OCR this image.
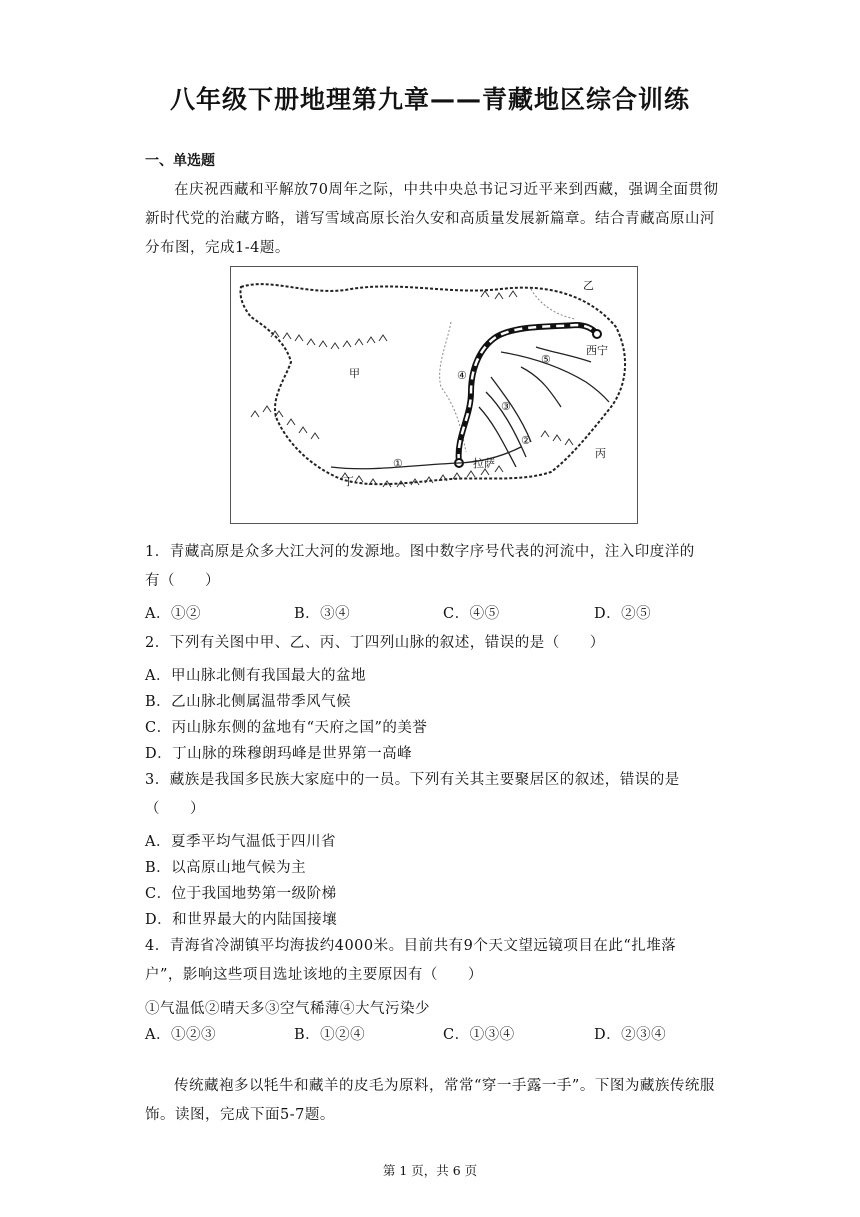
八年级下册地理第九章——青藏地区综合训练
一、单选题
在庆祝西藏和平解放70周年之际，中共中央总书记习近平来到西藏，强调全面贯彻新时代党的治藏方略，谱写雪域高原长治久安和高质量发展新篇章。结合青藏高原山河分布图，完成1-4题。
甲
乙
丙
丁
拉萨
西宁
①
②
③
④
⑤
1．青藏高原是众多大江大河的发源地。图中数字序号代表的河流中，注入印度洋的
有（　　）
A．①②	B．③④	C．④⑤	D．②⑤
2．下列有关图中甲、乙、丙、丁四列山脉的叙述，错误的是（　　）
A．甲山脉北侧有我国最大的盆地
B．乙山脉北侧属温带季风气候
C．丙山脉东侧的盆地有“天府之国”的美誉
D．丁山脉的珠穆朗玛峰是世界第一高峰
3．藏族是我国多民族大家庭中的一员。下列有关其主要聚居区的叙述，错误的是
（　　）
A．夏季平均气温低于四川省
B．以高原山地气候为主
C．位于我国地势第一级阶梯
D．和世界最大的内陆国接壤
4．青海省冷湖镇平均海拔约4000米。目前共有9个天文望远镜项目在此“扎堆落
户”，影响这些项目选址该地的主要原因有（　　）
①气温低②晴天多③空气稀薄④大气污染少
A．①②③	B．①②④	C．①③④	D．②③④
传统藏袍多以牦牛和藏羊的皮毛为原料，常常“穿一手露一手”。下图为藏族传统服饰。读图，完成下面5-7题。
第 1 页，共 6 页
